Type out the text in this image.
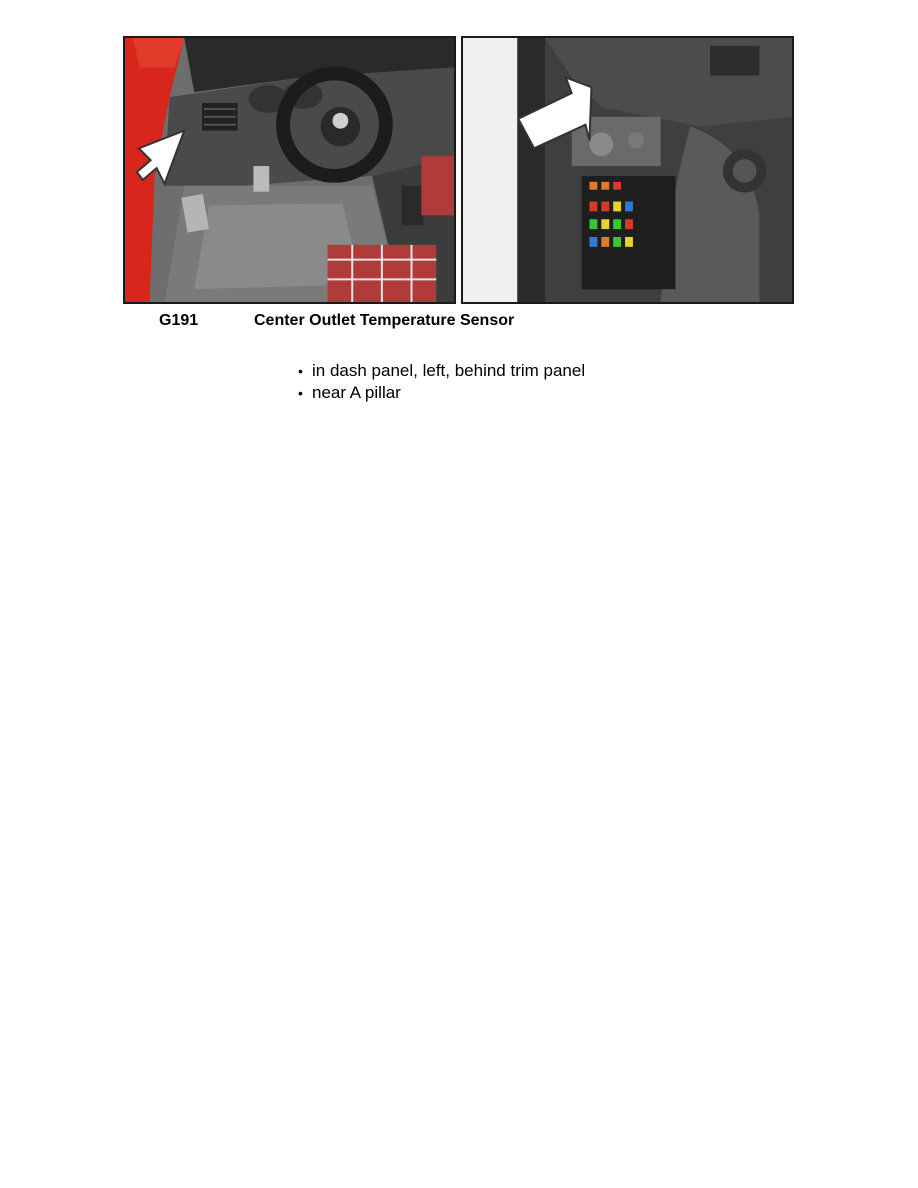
G191	Center Outlet Temperature Sensor
• in dash panel, left, behind trim panel
• near A pillar
